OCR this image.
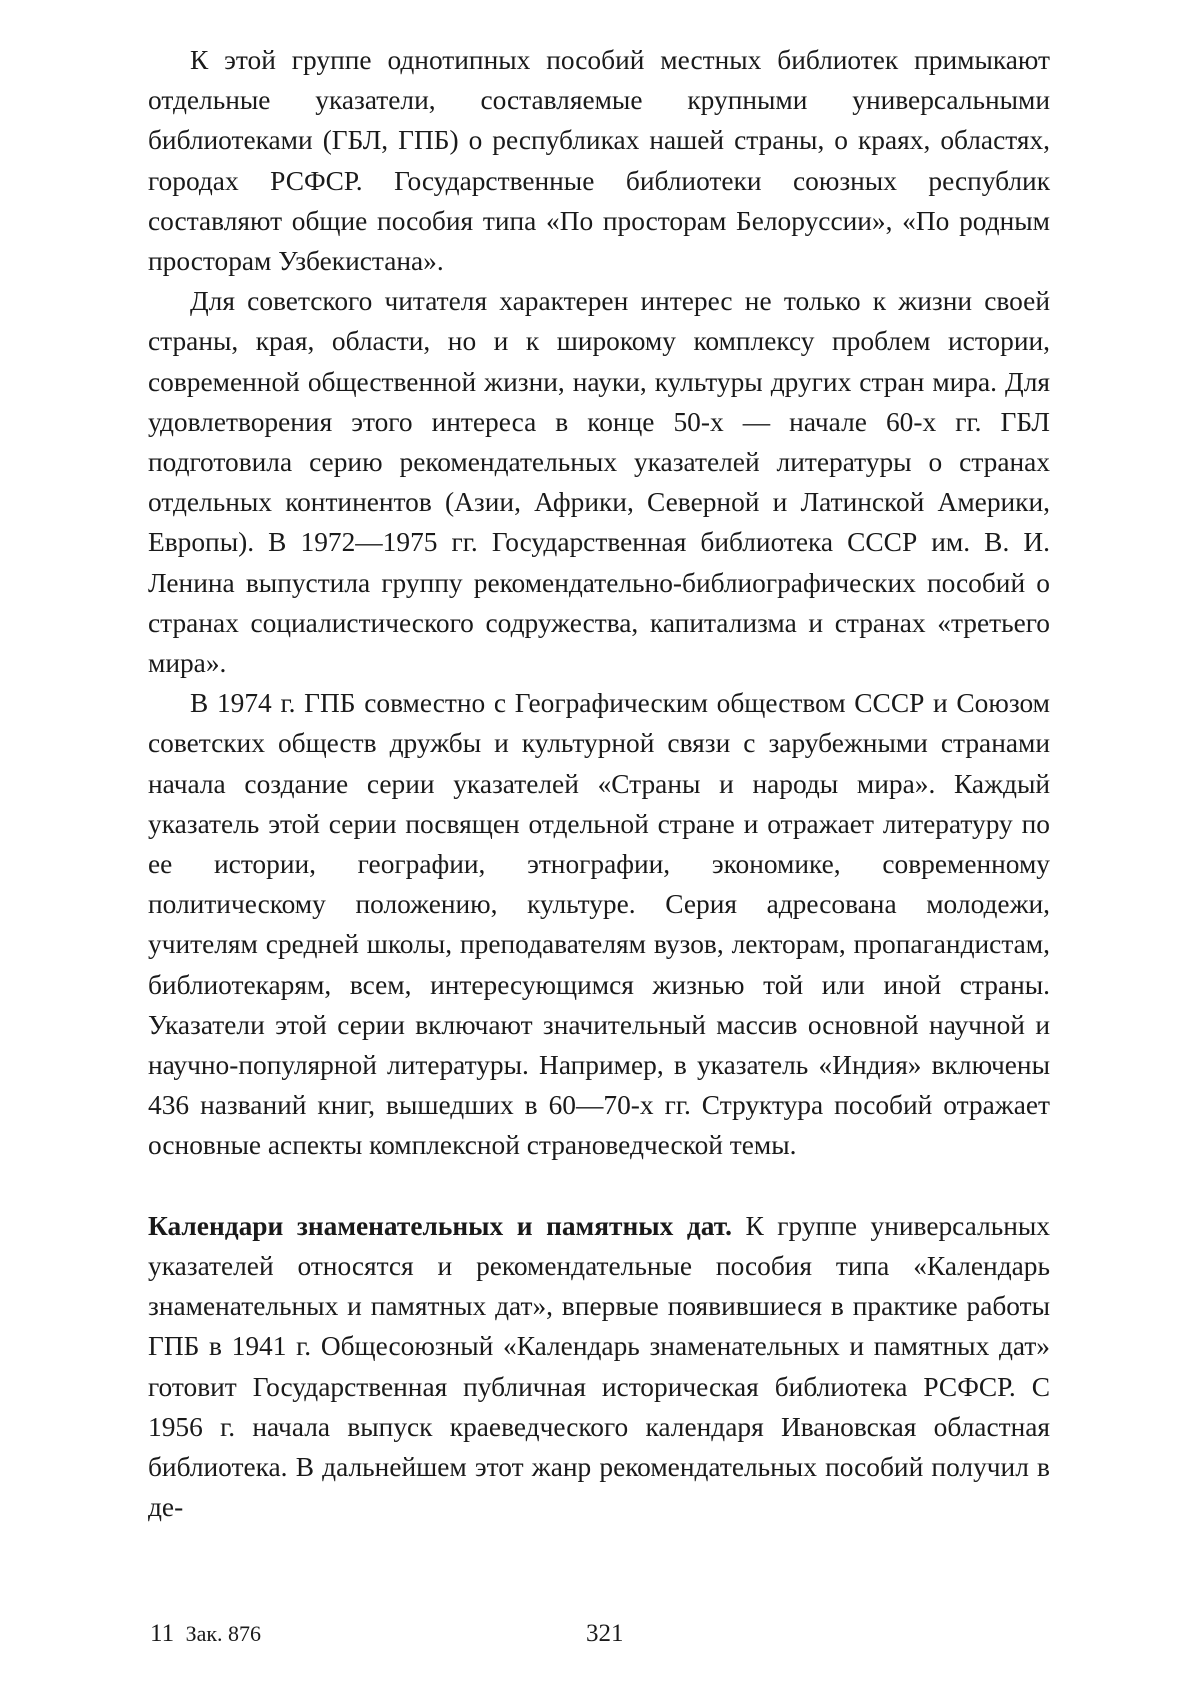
К этой группе однотипных пособий местных библиотек примыкают отдельные указатели, составляемые крупными универсальными библиотеками (ГБЛ, ГПБ) о республиках нашей страны, о краях, областях, городах РСФСР. Государственные библиотеки союзных республик составляют общие пособия типа «По просторам Белоруссии», «По родным просторам Узбекистана».

Для советского читателя характерен интерес не только к жизни своей страны, края, области, но и к широкому комплексу проблем истории, современной общественной жизни, науки, культуры других стран мира. Для удовлетворения этого интереса в конце 50-х — начале 60-х гг. ГБЛ подготовила серию рекомендательных указателей литературы о странах отдельных континентов (Азии, Африки, Северной и Латинской Америки, Европы). В 1972—1975 гг. Государственная библиотека СССР им. В. И. Ленина выпустила группу рекомендательно-библиографических пособий о странах социалистического содружества, капитализма и странах «третьего мира».

В 1974 г. ГПБ совместно с Географическим обществом СССР и Союзом советских обществ дружбы и культурной связи с зарубежными странами начала создание серии указателей «Страны и народы мира». Каждый указатель этой серии посвящен отдельной стране и отражает литературу по ее истории, географии, этнографии, экономике, современному политическому положению, культуре. Серия адресована молодежи, учителям средней школы, преподавателям вузов, лекторам, пропагандистам, библиотекарям, всем, интересующимся жизнью той или иной страны. Указатели этой серии включают значительный массив основной научной и научно-популярной литературы. Например, в указатель «Индия» включены 436 названий книг, вышедших в 60—70-х гг. Структура пособий отражает основные аспекты комплексной страноведческой темы.

Календари знаменательных и памятных дат. К группе универсальных указателей относятся и рекомендательные пособия типа «Календарь знаменательных и памятных дат», впервые появившиеся в практике работы ГПБ в 1941 г. Общесоюзный «Календарь знаменательных и памятных дат» готовит Государственная публичная историческая библиотека РСФСР. С 1956 г. начала выпуск краеведческого календаря Ивановская областная библиотека. В дальнейшем этот жанр рекомендательных пособий получил в де-

11 Зак. 876	321
